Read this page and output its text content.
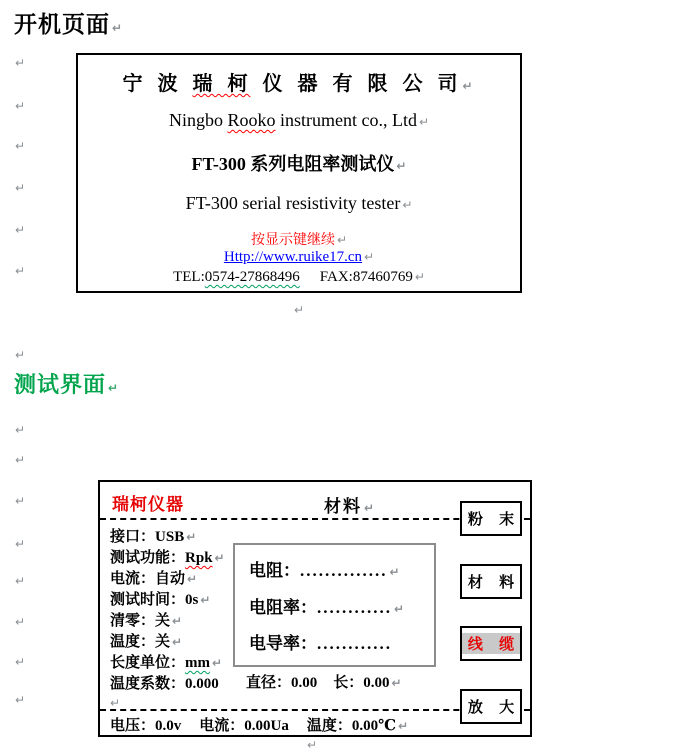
开机页面 ↵
↵
↵
↵
↵
↵
↵
↵
↵
↵
↵
↵
↵
↵
↵
↵
↵
↵
宁 波 瑞 柯 仪 器 有 限 公 司 ↵
Ningbo Rooko instrument co., Ltd ↵
FT-300 系列电阻率测试仪 ↵
FT-300 serial resistivity tester ↵
按显示键继续 ↵
Http://www.ruike17.cn ↵
TEL:0574-27868496 FAX:87460769 ↵
测试界面 ↵
瑞柯仪器	材料 ↵
接口：USB ↵
测试功能：Rpk ↵
电流：自动 ↵
测试时间：0s ↵
清零：关 ↵
温度：关 ↵
长度单位：mm ↵
温度系数：0.000
电阻：.............. ↵
电阻率：............ ↵
电导率：............
直径：0.00 长：0.00 ↵
↵
电压：0.0v 电流：0.00Ua 温度：0.00℃ ↵
粉 末
材 料
线 缆
放 大
